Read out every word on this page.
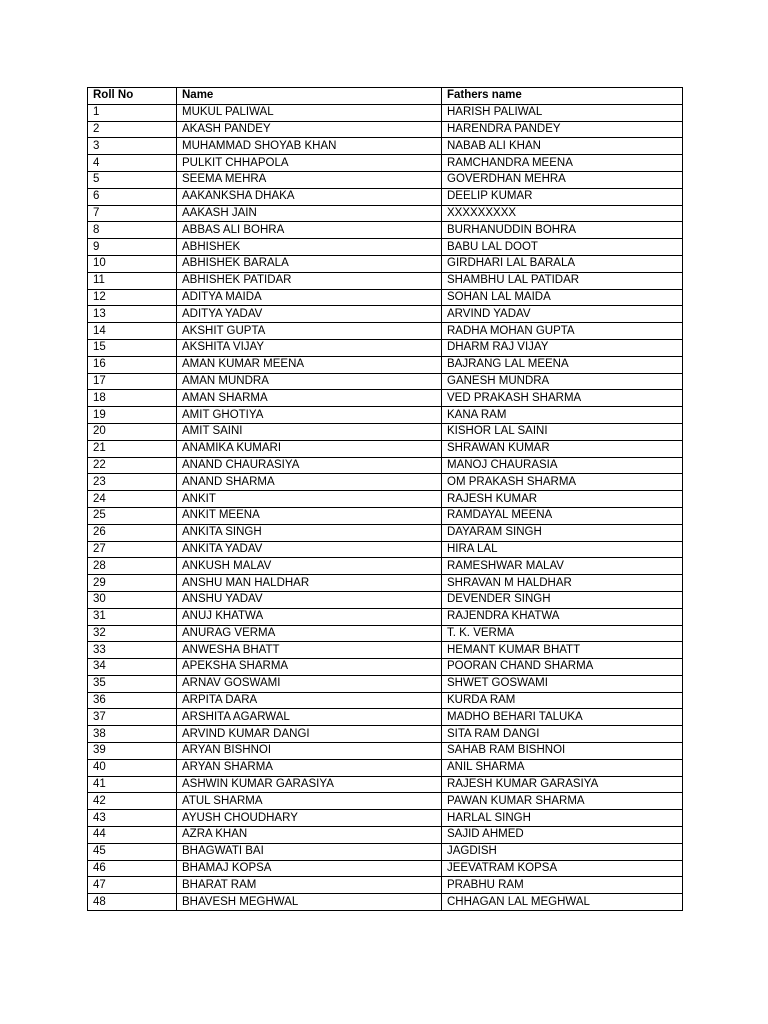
Roll No	Name	Fathers name
1	MUKUL PALIWAL	HARISH PALIWAL
2	AKASH PANDEY	HARENDRA PANDEY
3	MUHAMMAD SHOYAB KHAN	NABAB ALI KHAN
4	PULKIT CHHAPOLA	RAMCHANDRA MEENA
5	SEEMA MEHRA	GOVERDHAN MEHRA
6	AAKANKSHA DHAKA	DEELIP KUMAR
7	AAKASH JAIN	XXXXXXXXX
8	ABBAS ALI BOHRA	BURHANUDDIN BOHRA
9	ABHISHEK	BABU LAL DOOT
10	ABHISHEK BARALA	GIRDHARI LAL BARALA
11	ABHISHEK PATIDAR	SHAMBHU LAL PATIDAR
12	ADITYA MAIDA	SOHAN LAL MAIDA
13	ADITYA YADAV	ARVIND YADAV
14	AKSHIT GUPTA	RADHA MOHAN GUPTA
15	AKSHITA VIJAY	DHARM RAJ VIJAY
16	AMAN KUMAR MEENA	BAJRANG LAL MEENA
17	AMAN MUNDRA	GANESH MUNDRA
18	AMAN SHARMA	VED PRAKASH SHARMA
19	AMIT GHOTIYA	KANA RAM
20	AMIT SAINI	KISHOR LAL SAINI
21	ANAMIKA KUMARI	SHRAWAN KUMAR
22	ANAND CHAURASIYA	MANOJ CHAURASIA
23	ANAND SHARMA	OM PRAKASH SHARMA
24	ANKIT	RAJESH KUMAR
25	ANKIT MEENA	RAMDAYAL MEENA
26	ANKITA SINGH	DAYARAM SINGH
27	ANKITA YADAV	HIRA LAL
28	ANKUSH MALAV	RAMESHWAR MALAV
29	ANSHU MAN HALDHAR	SHRAVAN M HALDHAR
30	ANSHU YADAV	DEVENDER SINGH
31	ANUJ KHATWA	RAJENDRA KHATWA
32	ANURAG VERMA	T. K. VERMA
33	ANWESHA BHATT	HEMANT KUMAR BHATT
34	APEKSHA SHARMA	POORAN CHAND SHARMA
35	ARNAV GOSWAMI	SHWET GOSWAMI
36	ARPITA DARA	KURDA RAM
37	ARSHITA AGARWAL	MADHO BEHARI TALUKA
38	ARVIND KUMAR DANGI	SITA RAM DANGI
39	ARYAN BISHNOI	SAHAB RAM BISHNOI
40	ARYAN SHARMA	ANIL SHARMA
41	ASHWIN KUMAR GARASIYA	RAJESH KUMAR GARASIYA
42	ATUL SHARMA	PAWAN KUMAR SHARMA
43	AYUSH CHOUDHARY	HARLAL SINGH
44	AZRA KHAN	SAJID AHMED
45	BHAGWATI BAI	JAGDISH
46	BHAMAJ KOPSA	JEEVATRAM KOPSA
47	BHARAT RAM	PRABHU RAM
48	BHAVESH MEGHWAL	CHHAGAN LAL MEGHWAL
